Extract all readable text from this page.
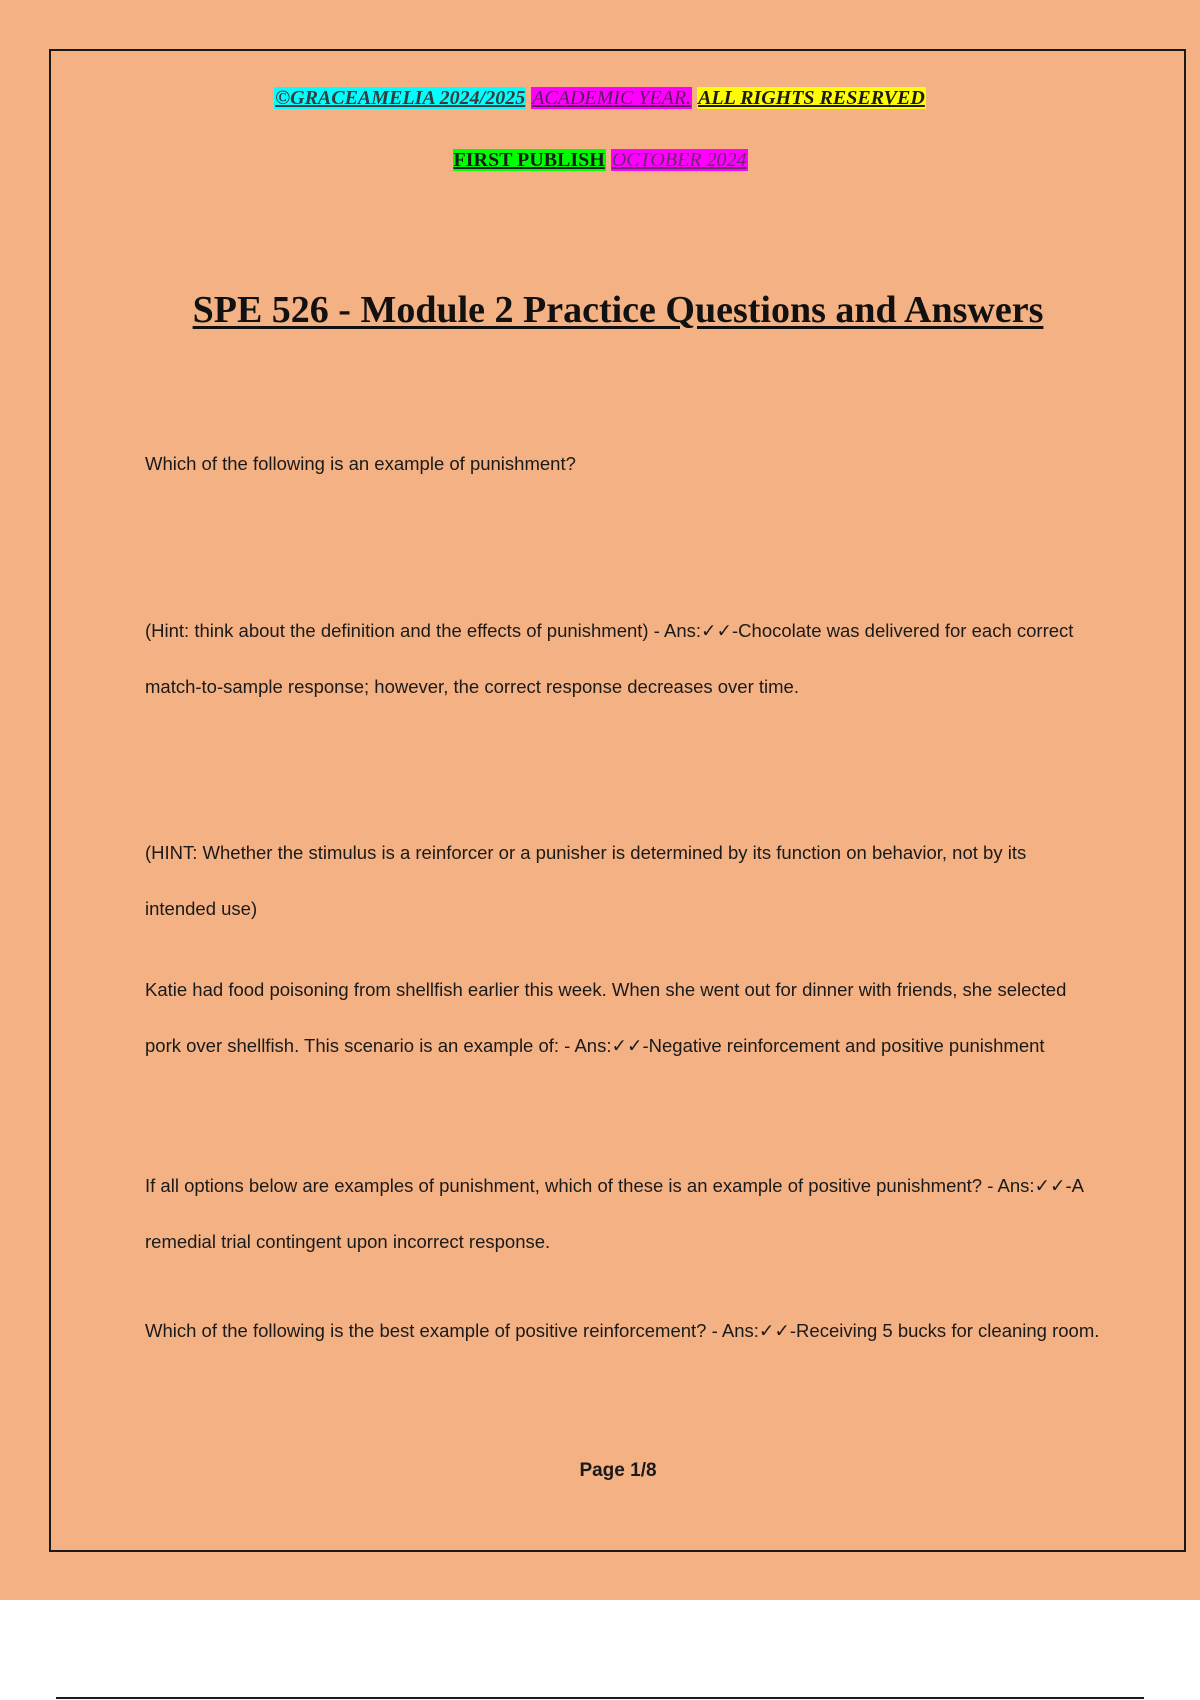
©GRACEAMELIA 2024/2025 ACADEMIC YEAR. ALL RIGHTS RESERVED
FIRST PUBLISH OCTOBER 2024
SPE 526 - Module 2 Practice Questions and Answers
Which of the following is an example of punishment?
(Hint: think about the definition and the effects of punishment) - Ans:✓✓-Chocolate was delivered for each correct match-to-sample response; however, the correct response decreases over time.
(HINT: Whether the stimulus is a reinforcer or a punisher is determined by its function on behavior, not by its intended use)
Katie had food poisoning from shellfish earlier this week. When she went out for dinner with friends, she selected pork over shellfish. This scenario is an example of: - Ans:✓✓-Negative reinforcement and positive punishment
If all options below are examples of punishment, which of these is an example of positive punishment? - Ans:✓✓-A remedial trial contingent upon incorrect response.
Which of the following is the best example of positive reinforcement? - Ans:✓✓-Receiving 5 bucks for cleaning room.
Page 1/8
